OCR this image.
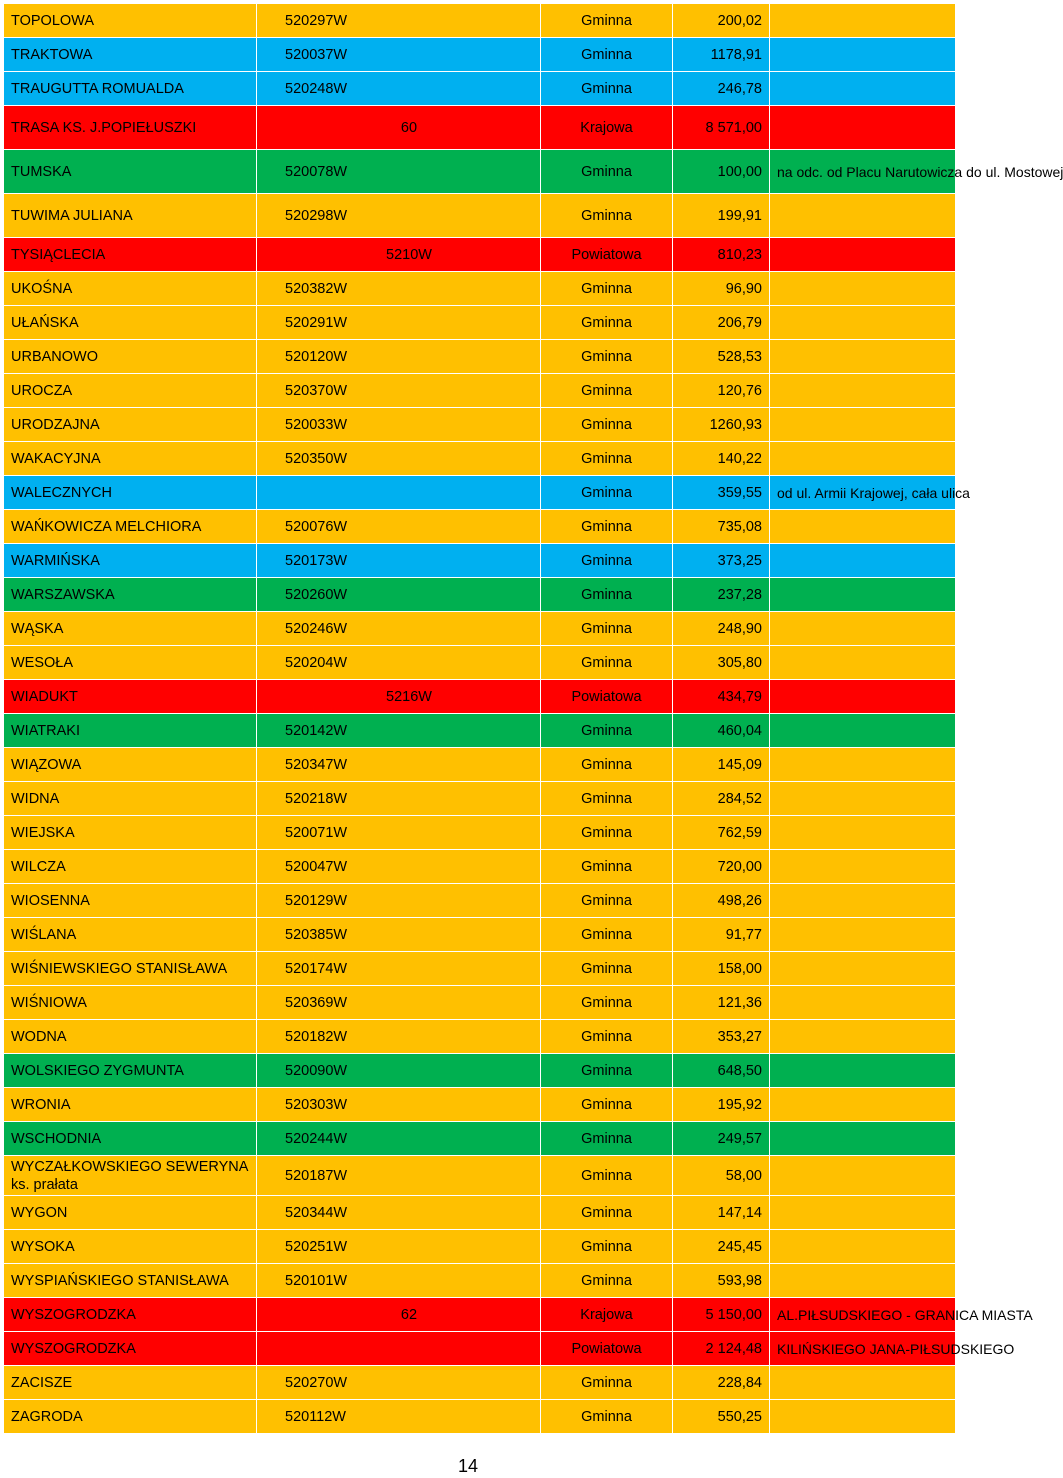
TOPOLOWA	520297W	Gminna	200,02	
TRAKTOWA	520037W	Gminna	1178,91	
TRAUGUTTA ROMUALDA	520248W	Gminna	246,78	
TRASA KS. J.POPIEŁUSZKI	60	Krajowa	8 571,00	
TUMSKA	520078W	Gminna	100,00	na odc. od Placu Narutowicza do ul. Mostowej
TUWIMA JULIANA	520298W	Gminna	199,91	
TYSIĄCLECIA	5210W	Powiatowa	810,23	
UKOŚNA	520382W	Gminna	96,90	
UŁAŃSKA	520291W	Gminna	206,79	
URBANOWO	520120W	Gminna	528,53	
UROCZA	520370W	Gminna	120,76	
URODZAJNA	520033W	Gminna	1260,93	
WAKACYJNA	520350W	Gminna	140,22	
WALECZNYCH		Gminna	359,55	od ul. Armii Krajowej, cała ulica
WAŃKOWICZA MELCHIORA	520076W	Gminna	735,08	
WARMIŃSKA	520173W	Gminna	373,25	
WARSZAWSKA	520260W	Gminna	237,28	
WĄSKA	520246W	Gminna	248,90	
WESOŁA	520204W	Gminna	305,80	
WIADUKT	5216W	Powiatowa	434,79	
WIATRAKI	520142W	Gminna	460,04	
WIĄZOWA	520347W	Gminna	145,09	
WIDNA	520218W	Gminna	284,52	
WIEJSKA	520071W	Gminna	762,59	
WILCZA	520047W	Gminna	720,00	
WIOSENNA	520129W	Gminna	498,26	
WIŚLANA	520385W	Gminna	91,77	
WIŚNIEWSKIEGO STANISŁAWA	520174W	Gminna	158,00	
WIŚNIOWA	520369W	Gminna	121,36	
WODNA	520182W	Gminna	353,27	
WOLSKIEGO ZYGMUNTA	520090W	Gminna	648,50	
WRONIA	520303W	Gminna	195,92	
WSCHODNIA	520244W	Gminna	249,57	

WYCZAŁKOWSKIEGO SEWERYNA ks. prałata	520187W	Gminna	58,00	
WYGON	520344W	Gminna	147,14	
WYSOKA	520251W	Gminna	245,45	
WYSPIAŃSKIEGO STANISŁAWA	520101W	Gminna	593,98	
WYSZOGRODZKA	62	Krajowa	5 150,00	AL.PIŁSUDSKIEGO - GRANICA MIASTA
WYSZOGRODZKA		Powiatowa	2 124,48	KILIŃSKIEGO JANA-PIŁSUDSKIEGO
ZACISZE	520270W	Gminna	228,84	
ZAGRODA	520112W	Gminna	550,25	
14
